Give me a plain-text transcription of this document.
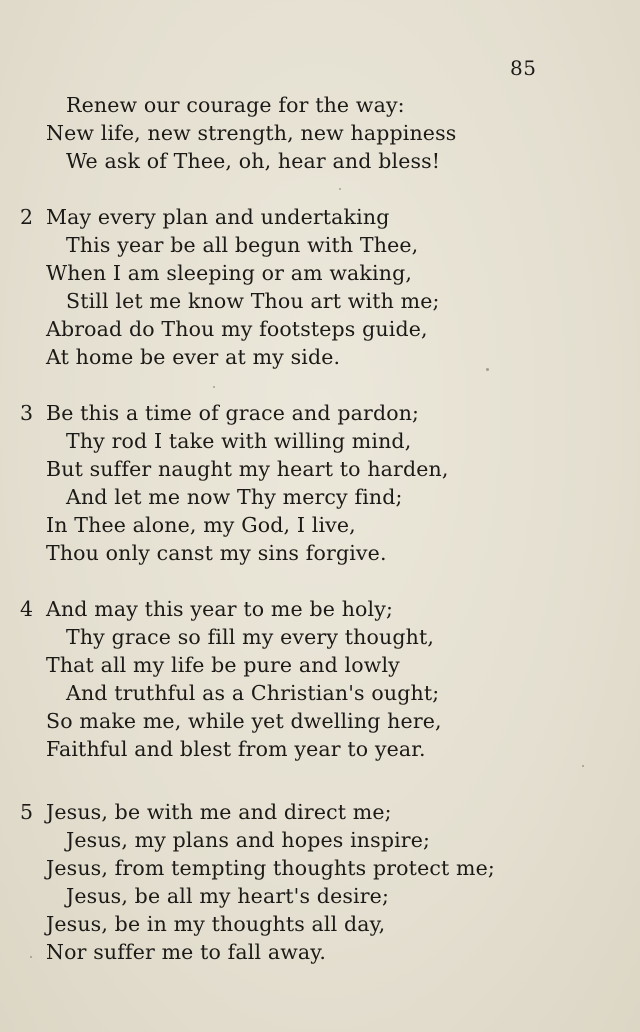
85
Renew our courage for the way:
New life, new strength, new happiness
We ask of Thee, oh, hear and bless!
2 May every plan and undertaking
This year be all begun with Thee,
When I am sleeping or am waking,
Still let me know Thou art with me;
Abroad do Thou my footsteps guide,
At home be ever at my side.
3 Be this a time of grace and pardon;
Thy rod I take with willing mind,
But suffer naught my heart to harden,
And let me now Thy mercy find;
In Thee alone, my God, I live,
Thou only canst my sins forgive.
4 And may this year to me be holy;
Thy grace so fill my every thought,
That all my life be pure and lowly
And truthful as a Christian's ought;
So make me, while yet dwelling here,
Faithful and blest from year to year.
5 Jesus, be with me and direct me;
Jesus, my plans and hopes inspire;
Jesus, from tempting thoughts protect me;
Jesus, be all my heart's desire;
Jesus, be in my thoughts all day,
Nor suffer me to fall away.
